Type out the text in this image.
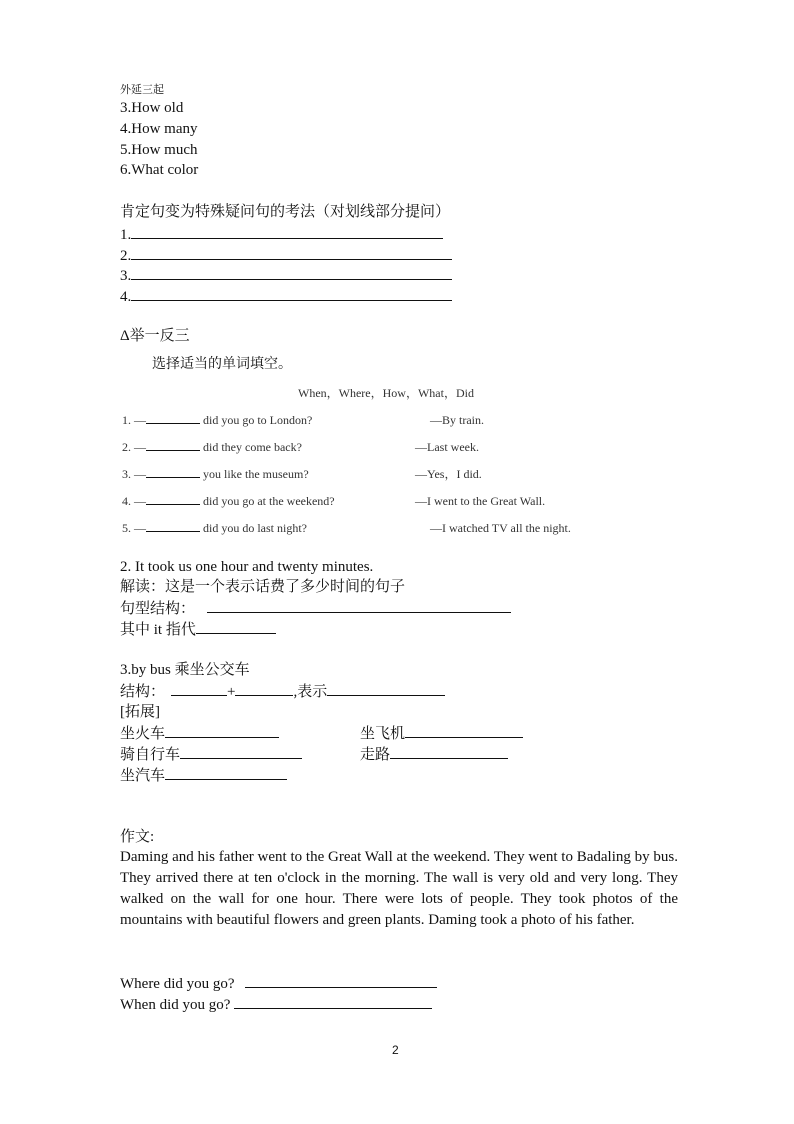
外延三起
3.How old
4.How many
5.How much
6.What color
肯定句变为特殊疑问句的考法（对划线部分提问）
1.
2.
3.
4.
Δ举一反三
选择适当的单词填空。
When，Where，How，What，Did
1. —	did you go to London?	—By train.
2. —	did they come back?	—Last week.
3. —	you like the museum?	—Yes，I did.
4. —	did you go at the weekend?	—I went to the Great Wall.
5. —	did you do last night?	—I watched TV all the night.
2. It took us one hour and twenty minutes.
解读：这是一个表示话费了多少时间的句子
句型结构：
其中 it 指代
3.by bus 乘坐公交车
结构：	+	,表示
[拓展]
坐火车	坐飞机
骑自行车	走路
坐汽车
作文:
Daming and his father went to the Great Wall at the weekend. They went to Badaling by bus. They arrived there at ten o'clock in the morning. The wall is very old and very long. They walked on the wall for one hour. There were lots of people. They took photos of the mountains with beautiful flowers and green plants. Daming took a photo of his father.
Where did you go?
When did you go?
2
